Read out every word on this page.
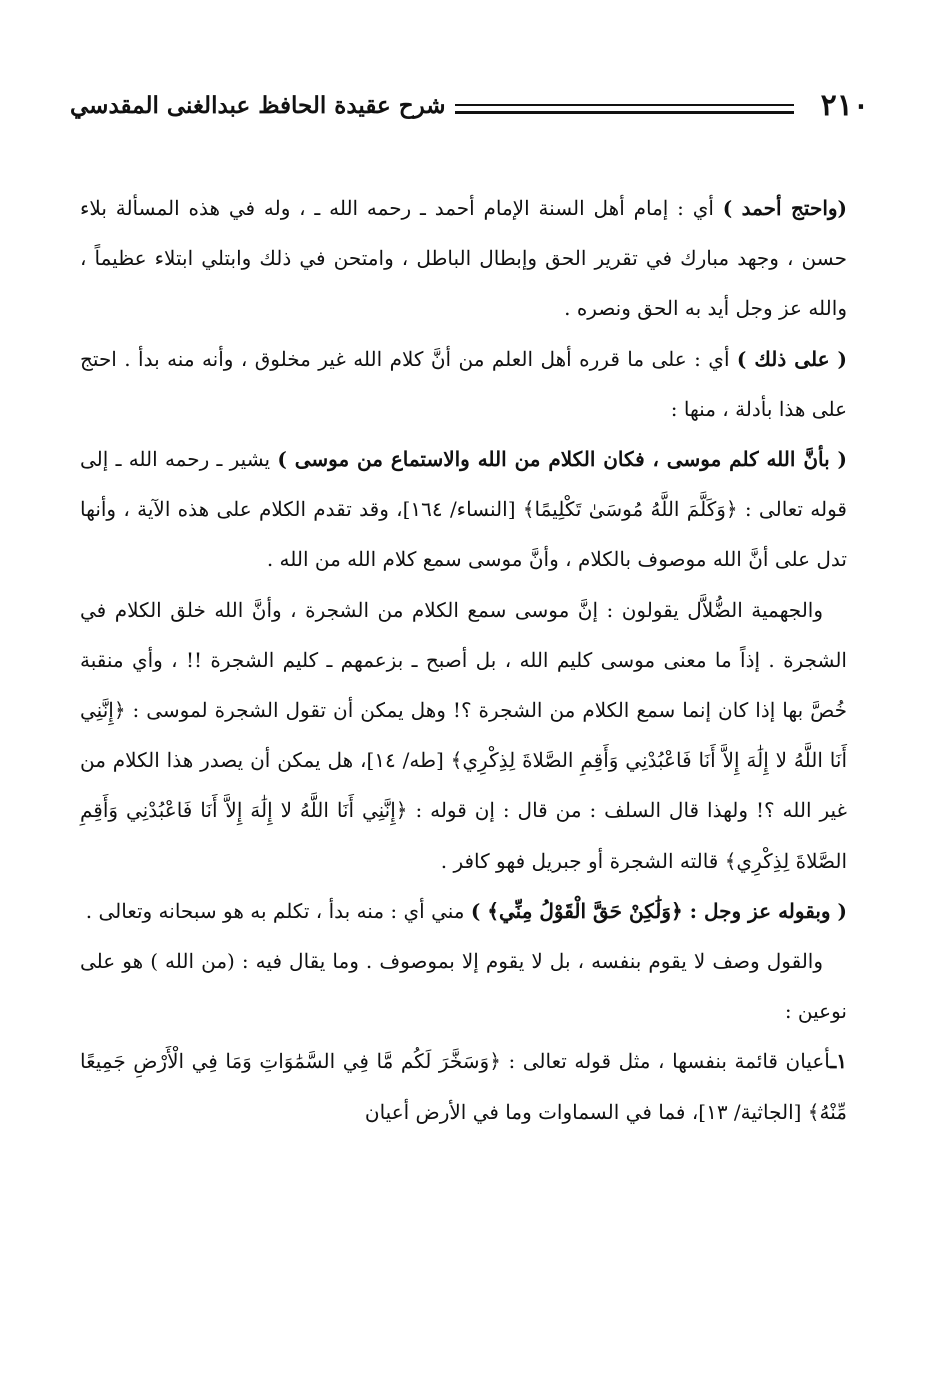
٢١٠
شرح عقيدة الحافظ عبدالغنى المقدسي

(واحتج أحمد ) أي : إمام أهل السنة الإمام أحمد ـ رحمه الله ـ ، وله في هذه المسألة بلاء حسن ، وجهد مبارك في تقرير الحق وإبطال الباطل ، وامتحن في ذلك وابتلي ابتلاء عظيماً ، والله عز وجل أيد به الحق ونصره .

( على ذلك ) أي : على ما قرره أهل العلم من أنَّ كلام الله غير مخلوق ، وأنه منه بدأ . احتج على هذا بأدلة ، منها :

( بأنَّ الله كلم موسى ، فكان الكلام من الله والاستماع من موسى ) يشير ـ رحمه الله ـ إلى قوله تعالى : ﴿وَكَلَّمَ اللَّهُ مُوسَىٰ تَكْلِيمًا﴾ [النساء/ ١٦٤]، وقد تقدم الكلام على هذه الآية ، وأنها تدل على أنَّ الله موصوف بالكلام ، وأنَّ موسى سمع كلام الله من الله .

والجهمية الضُّلاَّل يقولون : إنَّ موسى سمع الكلام من الشجرة ، وأنَّ الله خلق الكلام في الشجرة . إذاً ما معنى موسى كليم الله ، بل أصبح ـ بزعمهم ـ كليم الشجرة !! ، وأي منقبة خُصَّ بها إذا كان إنما سمع الكلام من الشجرة ؟! وهل يمكن أن تقول الشجرة لموسى : ﴿إِنَّنِي أَنَا اللَّهُ لا إِلَٰهَ إِلاَّ أَنَا فَاعْبُدْنِي وَأَقِمِ الصَّلاةَ لِذِكْرِي﴾ [طه/ ١٤]، هل يمكن أن يصدر هذا الكلام من غير الله ؟! ولهذا قال السلف : من قال : إن قوله : ﴿إِنَّنِي أَنَا اللَّهُ لا إِلَٰهَ إِلاَّ أَنَا فَاعْبُدْنِي وَأَقِمِ الصَّلاةَ لِذِكْرِي﴾ قالته الشجرة أو جبريل فهو كافر .

( وبقوله عز وجل : ﴿وَلَٰكِنْ حَقَّ الْقَوْلُ مِنِّي﴾ ) مني أي : منه بدأ ، تكلم به هو سبحانه وتعالى .

والقول وصف لا يقوم بنفسه ، بل لا يقوم إلا بموصوف . وما يقال فيه : (من الله ) هو على نوعين :

١ـأعيان قائمة بنفسها ، مثل قوله تعالى : ﴿وَسَخَّرَ لَكُم مَّا فِي السَّمَٰوَاتِ وَمَا فِي الْأَرْضِ جَمِيعًا مِّنْهُ﴾ [الجاثية/ ١٣]، فما في السماوات وما في الأرض أعيان
